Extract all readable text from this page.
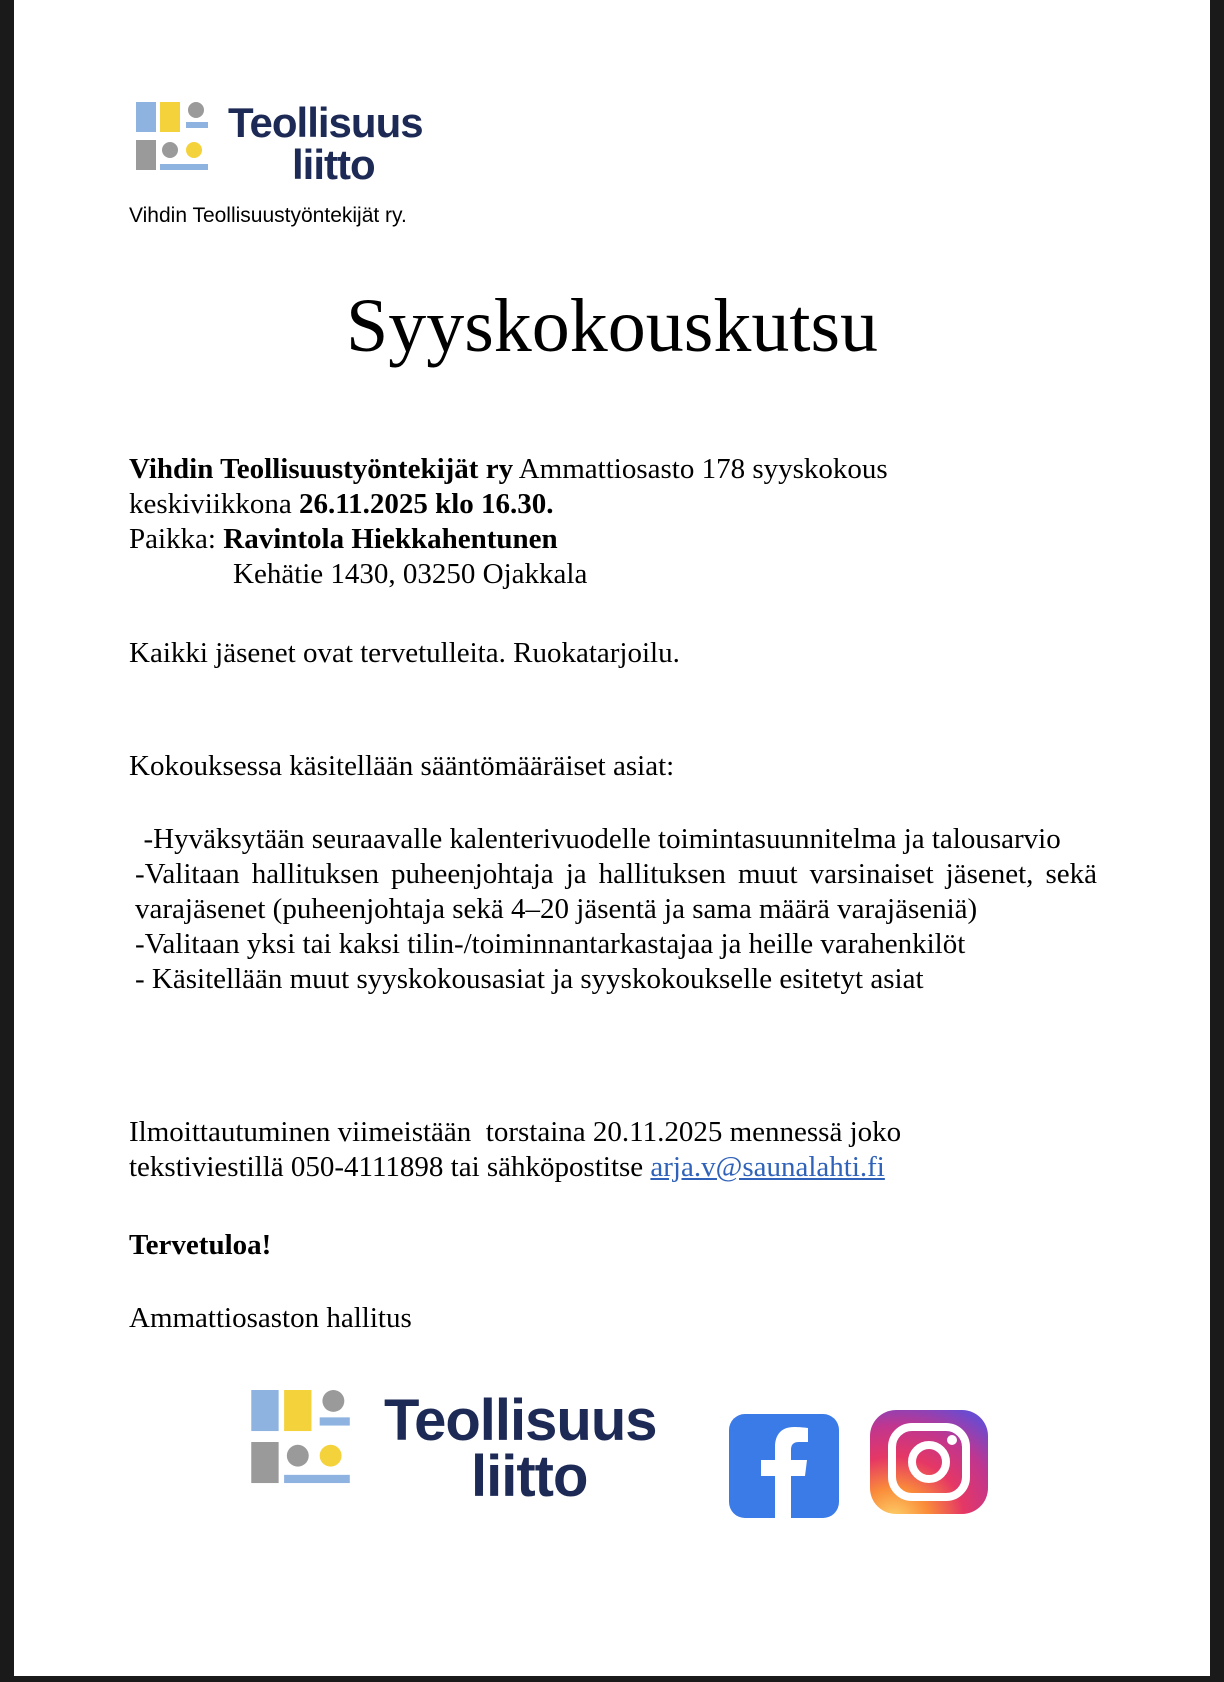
Teollisuus
liitto
Vihdin Teollisuustyöntekijät ry.
Syyskokouskutsu

Vihdin Teollisuustyöntekijät ry Ammattiosasto 178 syyskokous

keskiviikkona 26.11.2025 klo 16.30.

Paikka: Ravintola Hiekkahentunen

Kehätie 1430, 03250 Ojakkala

Kaikki jäsenet ovat tervetulleita. Ruokatarjoilu.
Kokouksessa käsitellään sääntömääräiset asiat:

-Hyväksytään seuraavalle kalenterivuodelle toimintasuunnitelma ja talousarvio

-Valitaan hallituksen puheenjohtaja ja hallituksen muut varsinaiset jäsenet, sekä varajäsenet (puheenjohtaja sekä 4–20 jäsentä ja sama määrä varajäseniä)

-Valitaan yksi tai kaksi tilin-/toiminnantarkastajaa ja heille varahenkilöt

- Käsitellään muut syyskokousasiat ja syyskokoukselle esitetyt asiat

Ilmoittautuminen viimeistään  torstaina 20.11.2025 mennessä joko

tekstiviestillä 050-4111898 tai sähköpostitse arja.v@saunalahti.fi

Tervetuloa!
Ammattiosaston hallitus
Teollisuus
liitto
